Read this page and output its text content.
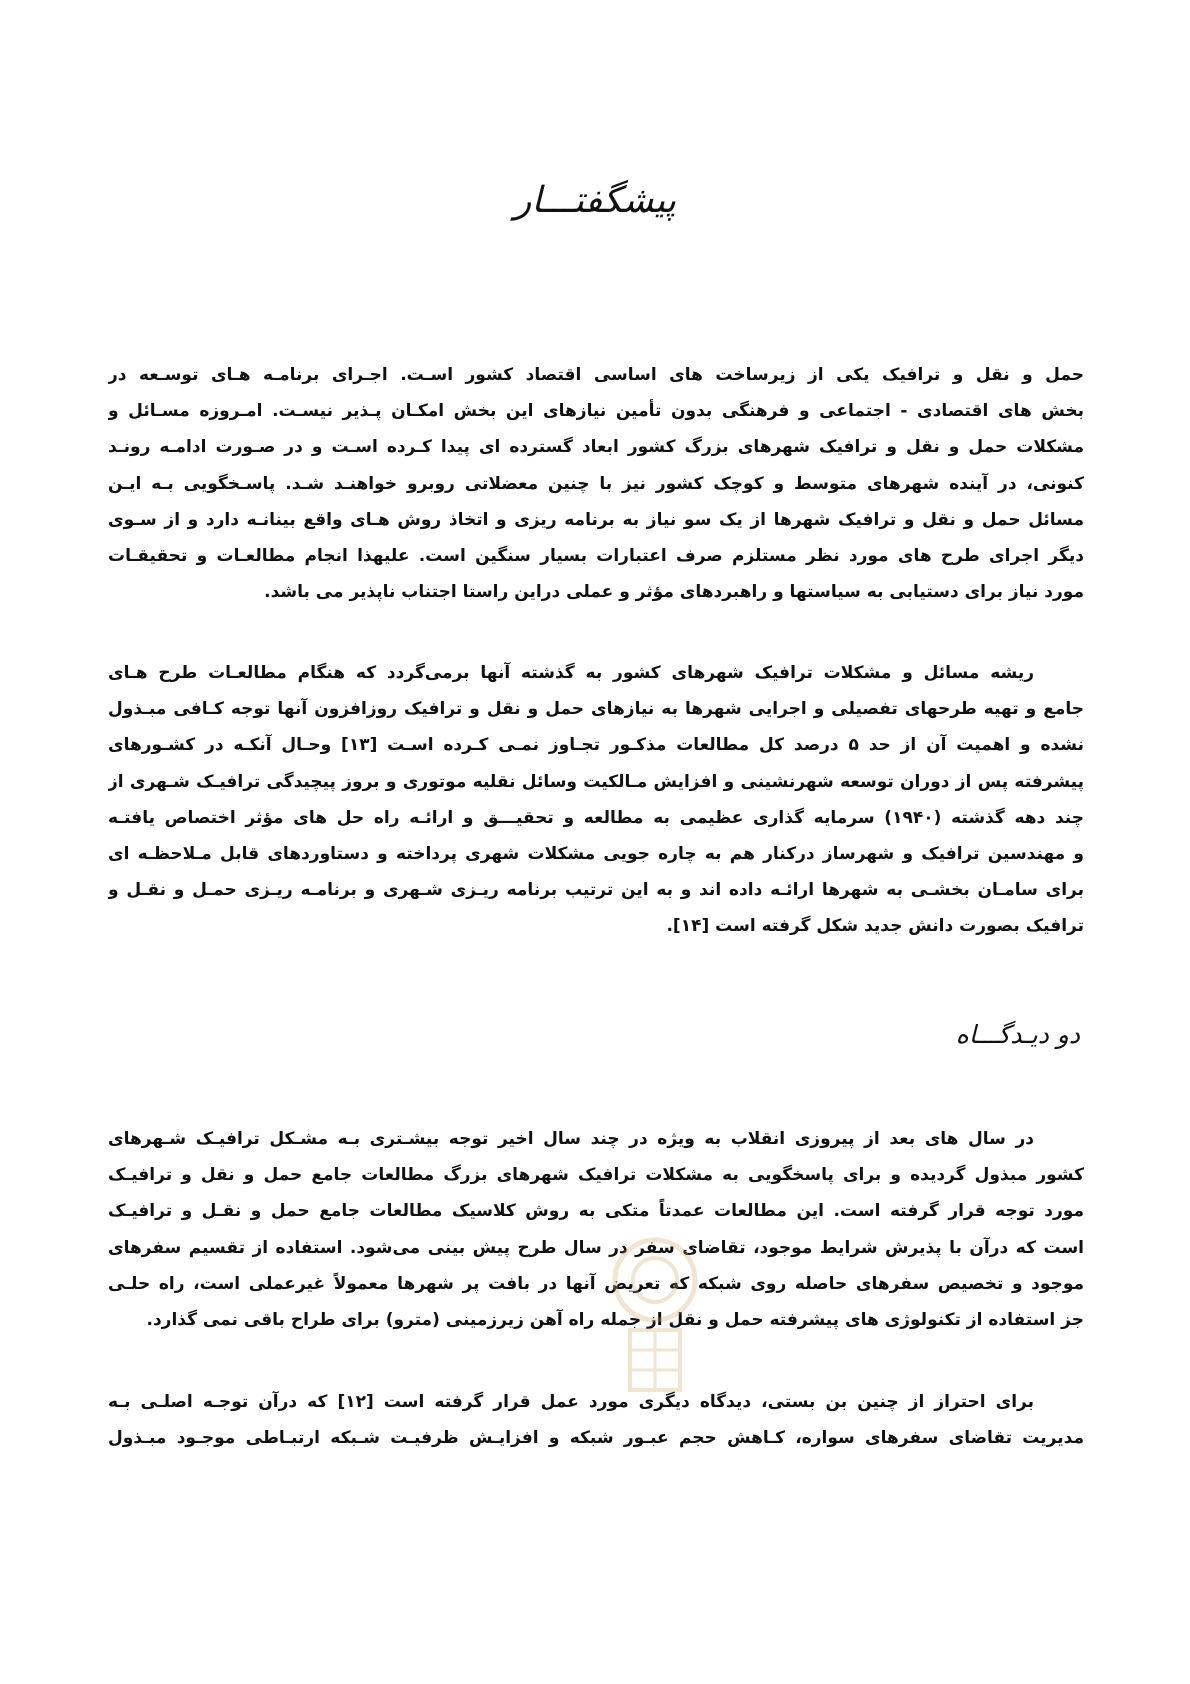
پیشگفتـــار
حمل و نقل و ترافیک یکی از زیرساخت های اساسی اقتصاد کشور اسـت. اجـرای برنامـه هـای توسـعه در
بخش های اقتصادی - اجتماعی و فرهنگی بدون تأمین نیازهای این بخش امکـان پـذیر نیسـت. امـروزه مسـائل و
مشکلات حمل و نقل و ترافیک شهرهای بزرگ کشور ابعاد گسترده ای پیدا کـرده اسـت و در صـورت ادامـه رونـد
کنونی، در آینده شهرهای متوسط و کوچک کشور نیز با چنین معضلاتی روبرو خواهنـد شـد. پاسـخگویی بـه ایـن
مسائل حمل و نقل و ترافیک شهرها از یک سو نیاز به برنامه ریزی و اتخاذ روش هـای واقع بینانـه دارد و از سـوی
دیگر اجرای طرح های مورد نظر مستلزم صرف اعتبارات بسیار سنگین است. علیهذا انجام مطالعـات و تحقیقـات
مورد نیاز برای دستیابی به سیاستها و راهبردهای مؤثر و عملی دراین راستا اجتناب ناپذیر می باشد.
ریشه مسائل و مشکلات ترافیک شهرهای کشور به گذشته آنها برمی‌گردد که هنگام مطالعـات طرح هـای
جامع و تهیه طرحهای تفصیلی و اجرایی شهرها به نیازهای حمل و نقل و ترافیک روزافزون آنها توجه کـافی مبـذول
نشده و اهمیت آن از حد ۵ درصد کل مطالعات مذکـور تجـاوز نمـی کـرده اسـت [۱۳] وحـال آنکـه در کشـورهای
پیشرفته پس از دوران توسعه شهرنشینی و افزایش مـالکیت وسائل نقلیه موتوری و بروز پیچیدگی ترافیـک شـهری از
چند دهه گذشته (۱۹۴۰) سرمایه گذاری عظیمی به مطالعه و تحقیـــق و ارائـه راه حل های مؤثر اختصاص یافتـه
و مهندسین ترافیک و شهرساز درکنار هم به چاره جویی مشکلات شهری پرداخته و دستاوردهای قابل مـلاحظـه ای
برای سامـان بخشـی به شهرها ارائـه داده اند و به این ترتیب برنامه ریـزی شـهری و برنامـه ریـزی حمـل و نقـل و
ترافیک بصورت دانش جدید شکل گرفته است [۱۴].
دو دیـدگـــاه
در سال های بعد از پیروزی انقلاب به ویژه در چند سال اخیر توجه بیشـتری بـه مشـکل ترافیـک شـهرهای
کشور مبذول گردیده و برای پاسخگویی به مشکلات ترافیک شهرهای بزرگ مطالعات جامع حمل و نقل و ترافیـک
مورد توجه قرار گرفته است. این مطالعات عمدتاً متکی به روش کلاسیک مطالعات جامع حمل و نقـل و ترافیـک
است که درآن با پذیرش شرایط موجود، تقاضای سفر در سال طرح پیش بینی می‌شود. استفاده از تقسیم سفرهای
موجود و تخصیص سفرهای حاصله روی شبکه که تعریض آنها در بافت پر شهرها معمولاً غیرعملی است، راه حلـی
جز استفاده از تکنولوژی های پیشرفته حمل و نقل از جمله راه آهن زیرزمینی (مترو) برای طراح باقی نمی گذارد.
برای احتراز از چنین بن بستی، دیدگاه دیگری مورد عمل قرار گرفته است [۱۲] که درآن توجـه اصلـی بـه
مدیریت تقاضای سفرهای سواره، کـاهش حجم عبـور شبکه و افزایـش ظرفیـت شـبکه ارتبـاطی موجـود مبـذول
